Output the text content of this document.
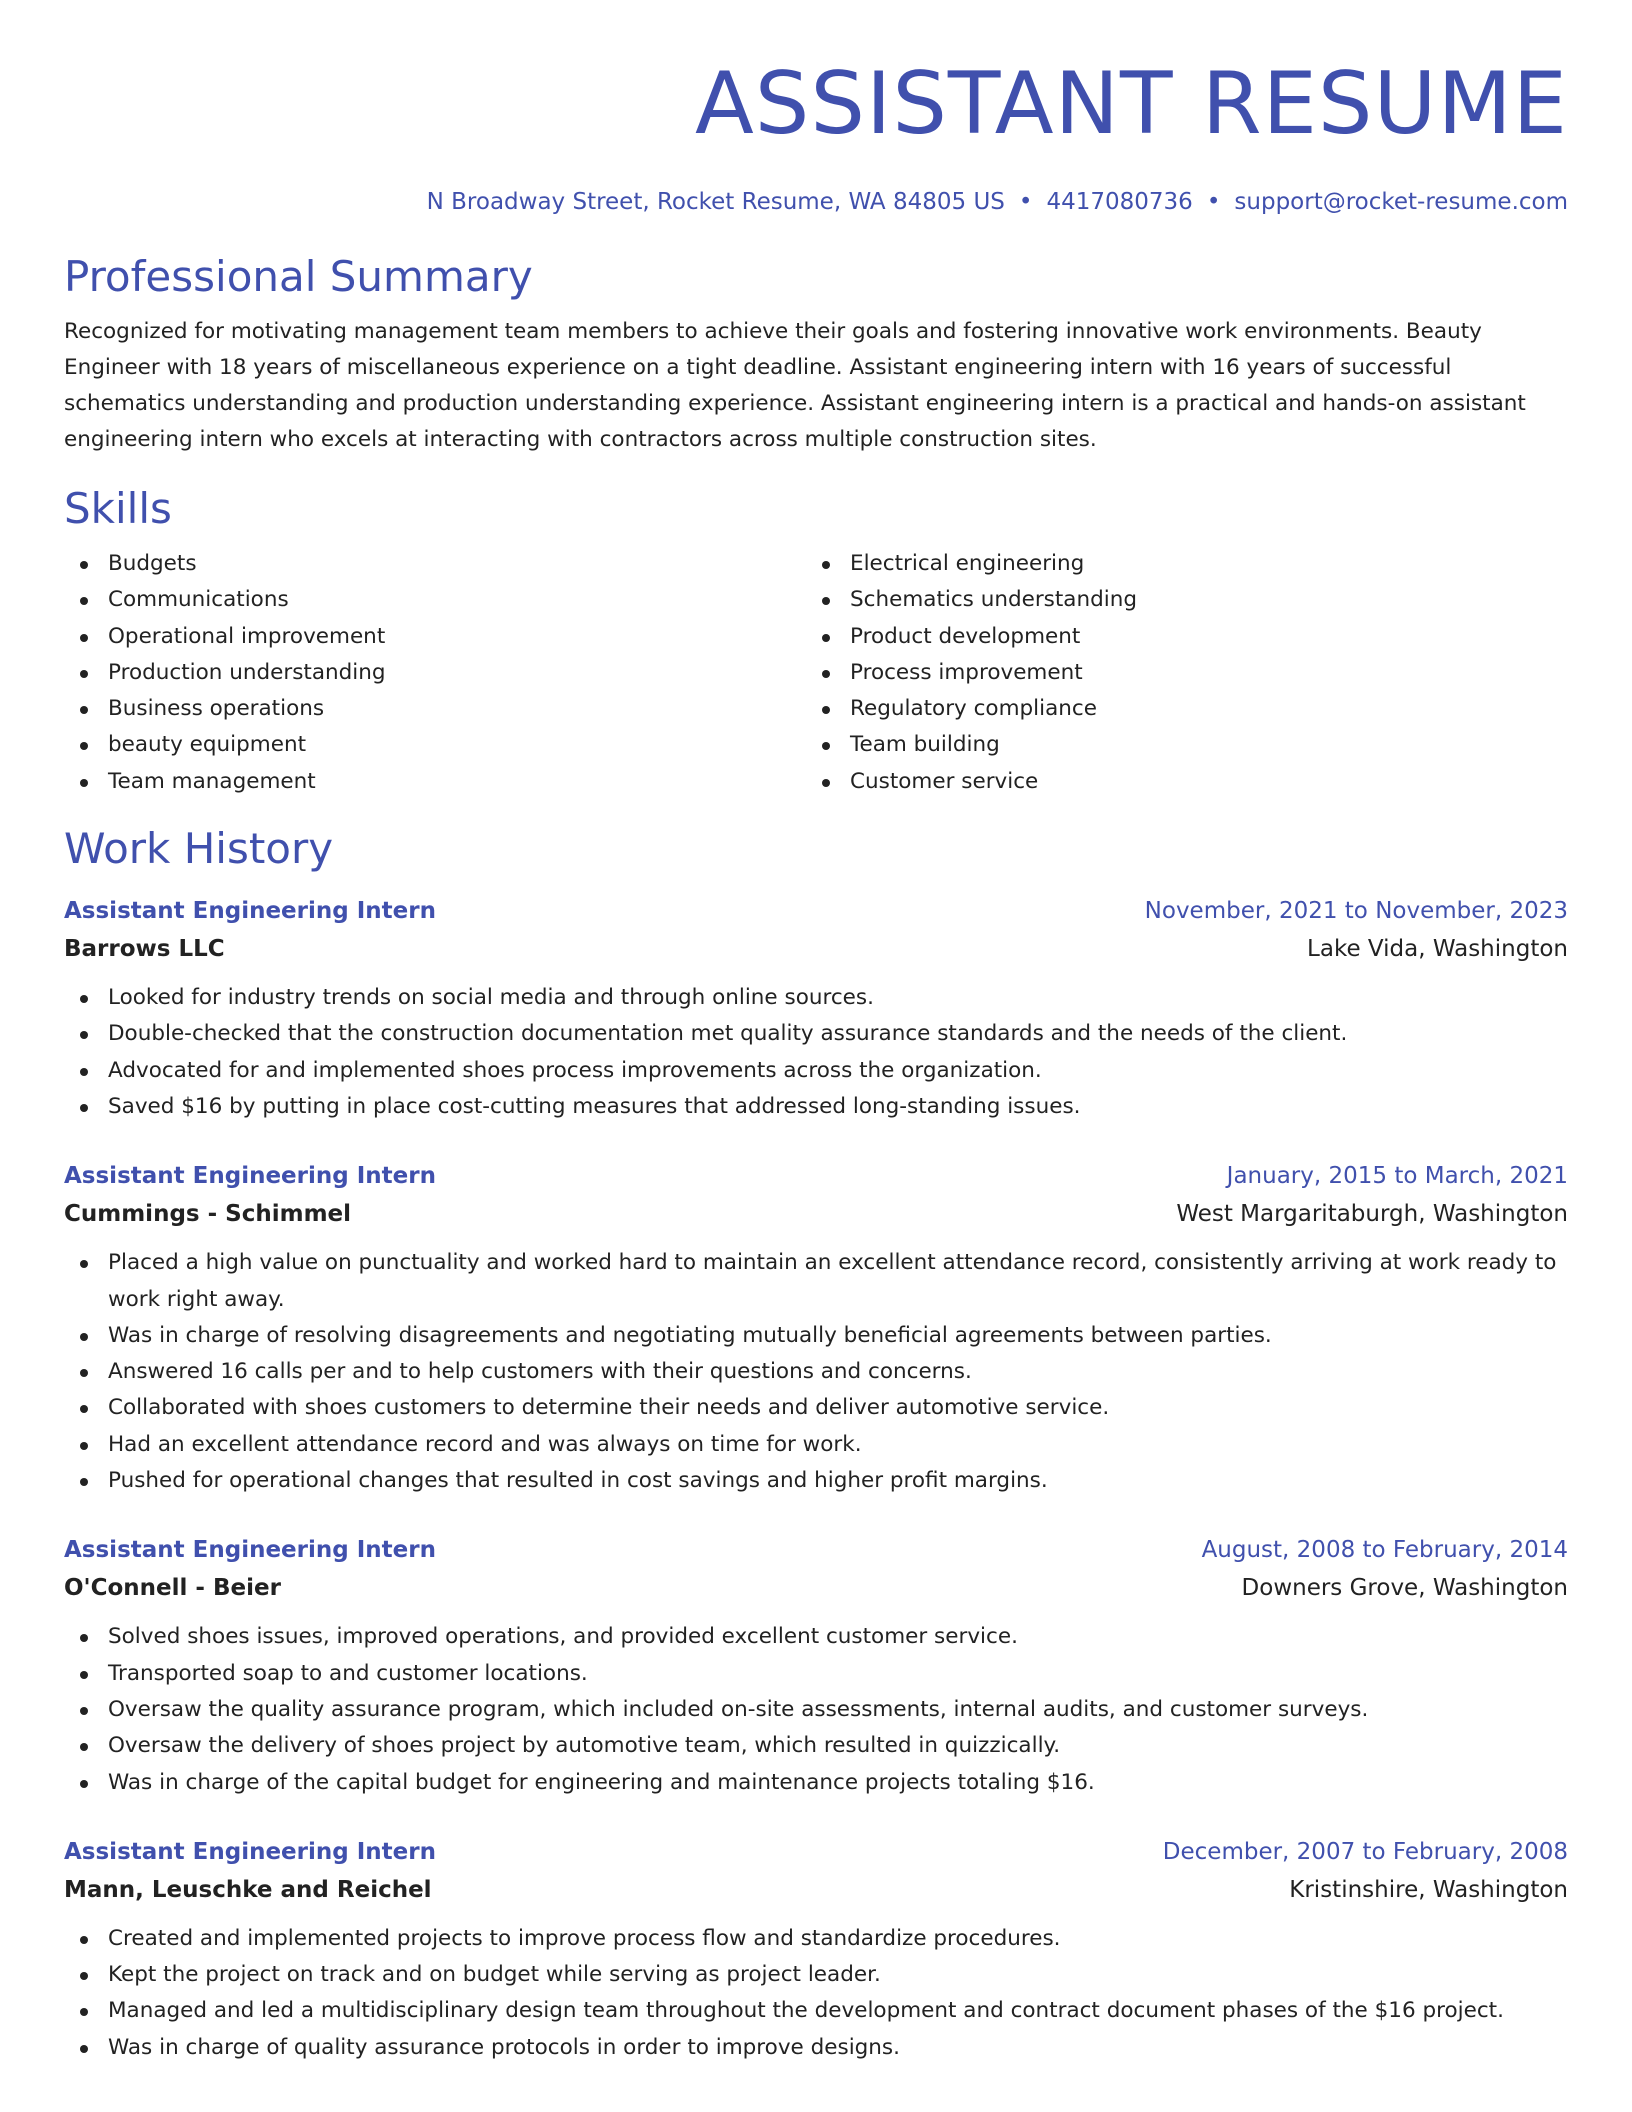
ASSISTANT RESUME
N Broadway Street, Rocket Resume, WA 84805 US • 4417080736 • support@rocket-resume.com
Professional Summary
Recognized for motivating management team members to achieve their goals and fostering innovative work environments. Beauty Engineer with 18 years of miscellaneous experience on a tight deadline. Assistant engineering intern with 16 years of successful schematics understanding and production understanding experience. Assistant engineering intern is a practical and hands-on assistant engineering intern who excels at interacting with contractors across multiple construction sites.
Skills
Budgets
Communications
Operational improvement
Production understanding
Business operations
beauty equipment
Team management
Electrical engineering
Schematics understanding
Product development
Process improvement
Regulatory compliance
Team building
Customer service
Work History
Assistant Engineering Intern	November, 2021 to November, 2023
Barrows LLC	Lake Vida, Washington
Looked for industry trends on social media and through online sources.
Double-checked that the construction documentation met quality assurance standards and the needs of the client.
Advocated for and implemented shoes process improvements across the organization.
Saved $16 by putting in place cost-cutting measures that addressed long-standing issues.
Assistant Engineering Intern	January, 2015 to March, 2021
Cummings - Schimmel	West Margaritaburgh, Washington
Placed a high value on punctuality and worked hard to maintain an excellent attendance record, consistently arriving at work ready to work right away.
Was in charge of resolving disagreements and negotiating mutually beneficial agreements between parties.
Answered 16 calls per and to help customers with their questions and concerns.
Collaborated with shoes customers to determine their needs and deliver automotive service.
Had an excellent attendance record and was always on time for work.
Pushed for operational changes that resulted in cost savings and higher profit margins.
Assistant Engineering Intern	August, 2008 to February, 2014
O'Connell - Beier	Downers Grove, Washington
Solved shoes issues, improved operations, and provided excellent customer service.
Transported soap to and customer locations.
Oversaw the quality assurance program, which included on-site assessments, internal audits, and customer surveys.
Oversaw the delivery of shoes project by automotive team, which resulted in quizzically.
Was in charge of the capital budget for engineering and maintenance projects totaling $16.
Assistant Engineering Intern	December, 2007 to February, 2008
Mann, Leuschke and Reichel	Kristinshire, Washington
Created and implemented projects to improve process flow and standardize procedures.
Kept the project on track and on budget while serving as project leader.
Managed and led a multidisciplinary design team throughout the development and contract document phases of the $16 project.
Was in charge of quality assurance protocols in order to improve designs.
